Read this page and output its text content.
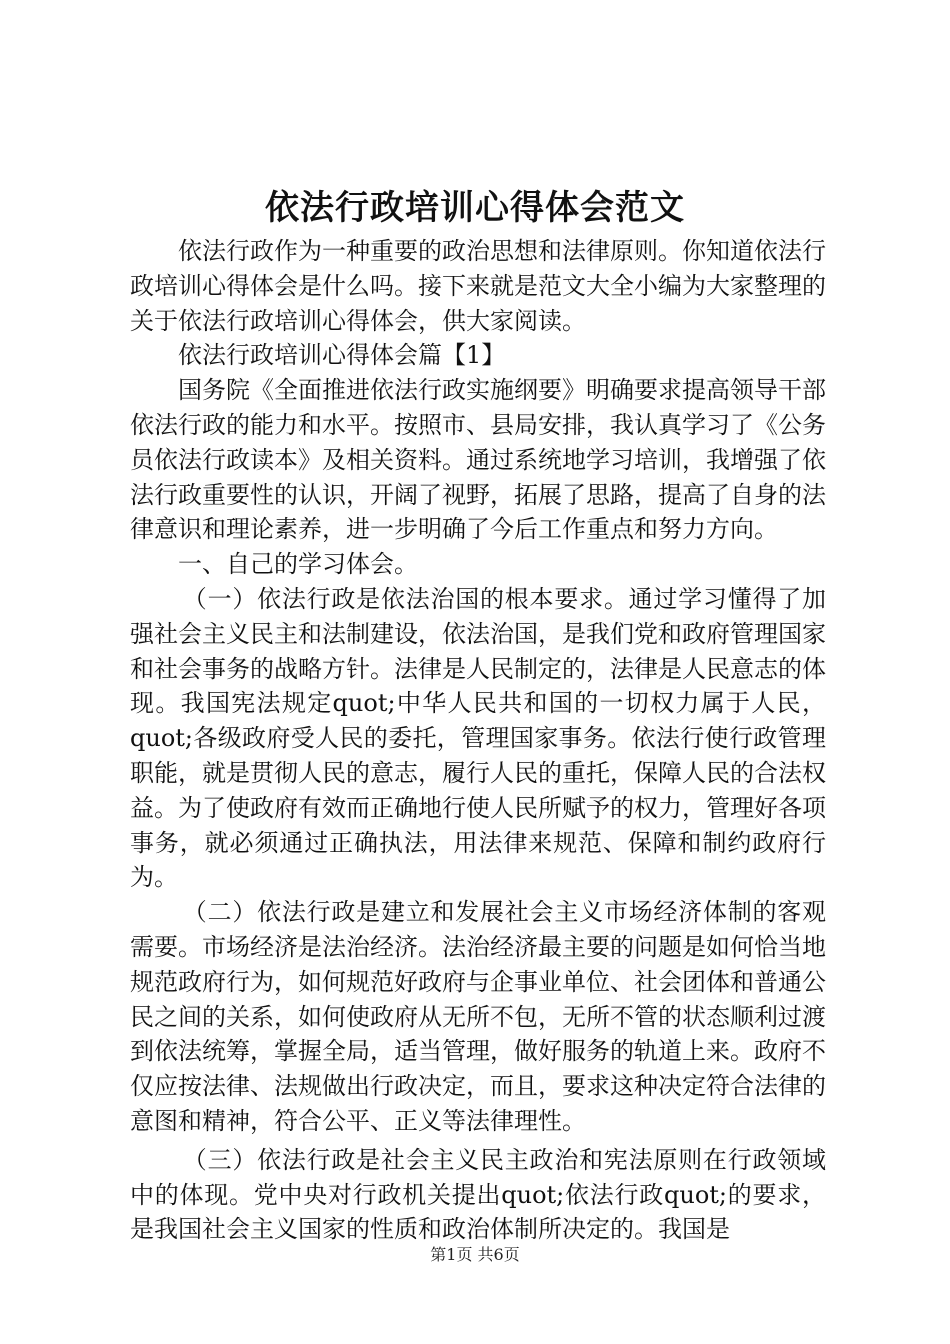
依法行政培训心得体会范文

依法行政作为一种重要的政治思想和法律原则。你知道依法行政培训心得体会是什么吗。接下来就是范文大全小编为大家整理的关于依法行政培训心得体会，供大家阅读。

依法行政培训心得体会篇【1】

国务院《全面推进依法行政实施纲要》明确要求提高领导干部依法行政的能力和水平。按照市、县局安排，我认真学习了《公务员依法行政读本》及相关资料。通过系统地学习培训，我增强了依法行政重要性的认识，开阔了视野，拓展了思路，提高了自身的法律意识和理论素养，进一步明确了今后工作重点和努力方向。

一、自己的学习体会。

（一）依法行政是依法治国的根本要求。通过学习懂得了加强社会主义民主和法制建设，依法治国，是我们党和政府管理国家和社会事务的战略方针。法律是人民制定的，法律是人民意志的体现。我国宪法规定quot;中华人民共和国的一切权力属于人民，quot;各级政府受人民的委托，管理国家事务。依法行使行政管理职能，就是贯彻人民的意志，履行人民的重托，保障人民的合法权益。为了使政府有效而正确地行使人民所赋予的权力，管理好各项事务，就必须通过正确执法，用法律来规范、保障和制约政府行为。

（二）依法行政是建立和发展社会主义市场经济体制的客观需要。市场经济是法治经济。法治经济最主要的问题是如何恰当地规范政府行为，如何规范好政府与企事业单位、社会团体和普通公民之间的关系，如何使政府从无所不包，无所不管的状态顺利过渡到依法统筹，掌握全局，适当管理，做好服务的轨道上来。政府不仅应按法律、法规做出行政决定，而且，要求这种决定符合法律的意图和精神，符合公平、正义等法律理性。

（三）依法行政是社会主义民主政治和宪法原则在行政领域中的体现。党中央对行政机关提出quot;依法行政quot;的要求，是我国社会主义国家的性质和政治体制所决定的。我国是

第1页 共6页
